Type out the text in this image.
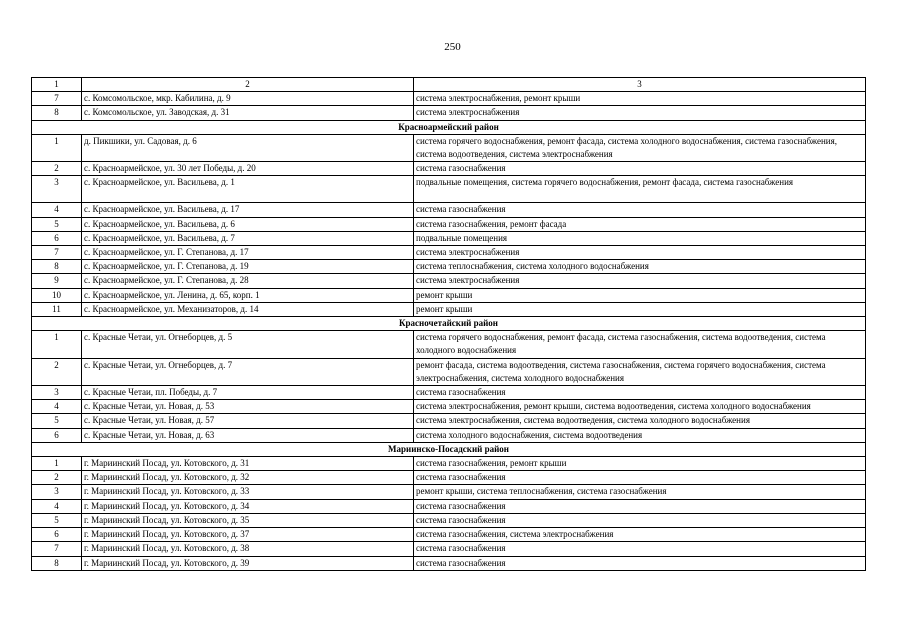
250
1	2	3
7	с. Комсомольское, мкр. Кабилина, д. 9	система электроснабжения, ремонт крыши
8	с. Комсомольское, ул. Заводская, д. 31	система электроснабжения
Красноармейский район		
1	д. Пикшики, ул. Садовая, д. 6	система горячего водоснабжения, ремонт фасада, система холодного водоснабжения, система газоснабжения, система водоотведения, система электроснабжения
2	с. Красноармейское, ул. 30 лет Победы, д. 20	система газоснабжения
3	с. Красноармейское, ул. Васильева, д. 1	подвальные помещения, система горячего водоснабжения, ремонт фасада, система газоснабжения
4	с. Красноармейское, ул. Васильева, д. 17	система газоснабжения
5	с. Красноармейское, ул. Васильева, д. 6	система газоснабжения, ремонт фасада
6	с. Красноармейское, ул. Васильева, д. 7	подвальные помещения
7	с. Красноармейское, ул. Г. Степанова, д. 17	система электроснабжения
8	с. Красноармейское, ул. Г. Степанова, д. 19	система теплоснабжения, система холодного водоснабжения
9	с. Красноармейское, ул. Г. Степанова, д. 28	система электроснабжения
10	с. Красноармейское, ул. Ленина, д. 65, корп. 1	ремонт крыши
11	с. Красноармейское, ул. Механизаторов, д. 14	ремонт крыши
Красночетайский район		
1	с. Красные Четаи, ул. Огнеборцев, д. 5	система горячего водоснабжения, ремонт фасада, система газоснабжения, система водоотведения, система холодного водоснабжения
2	с. Красные Четаи, ул. Огнеборцев, д. 7	ремонт фасада, система водоотведения, система газоснабжения, система горячего водоснабжения, система электроснабжения, система холодного водоснабжения
3	с. Красные Четаи, пл. Победы, д. 7	система газоснабжения
4	с. Красные Четаи, ул. Новая, д. 53	система электроснабжения, ремонт крыши, система водоотведения, система холодного водоснабжения
5	с. Красные Четаи, ул. Новая, д. 57	система электроснабжения, система водоотведения, система холодного водоснабжения
6	с. Красные Четаи, ул. Новая, д. 63	система холодного водоснабжения, система водоотведения
Мариинско-Посадский район		
1	г. Мариинский Посад, ул. Котовского, д. 31	система газоснабжения, ремонт крыши
2	г. Мариинский Посад, ул. Котовского, д. 32	система газоснабжения
3	г. Мариинский Посад, ул. Котовского, д. 33	ремонт крыши, система теплоснабжения, система газоснабжения
4	г. Мариинский Посад, ул. Котовского, д. 34	система газоснабжения
5	г. Мариинский Посад, ул. Котовского, д. 35	система газоснабжения
6	г. Мариинский Посад, ул. Котовского, д. 37	система газоснабжения, система электроснабжения
7	г. Мариинский Посад, ул. Котовского, д. 38	система газоснабжения
8	г. Мариинский Посад, ул. Котовского, д. 39	система газоснабжения
